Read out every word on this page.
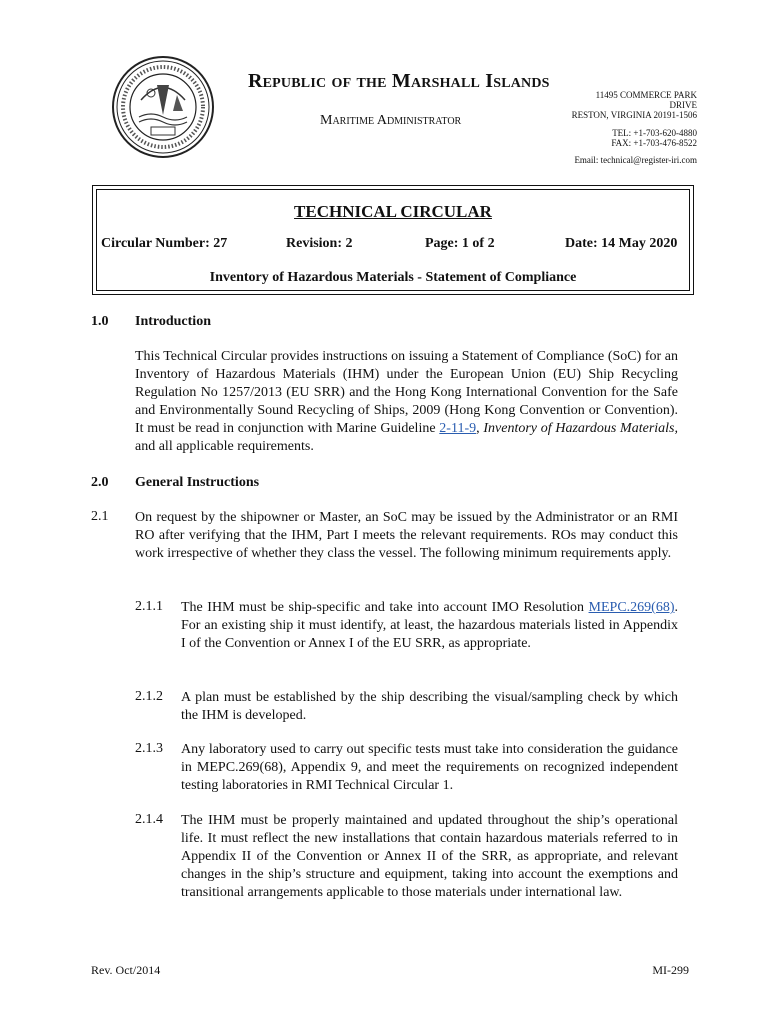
Republic of the Marshall Islands
Maritime Administrator
11495 COMMERCE PARK
DRIVE
RESTON, VIRGINIA 20191-1506
TEL: +1-703-620-4880
FAX: +1-703-476-8522
Email: technical@register-iri.com
TECHNICAL CIRCULAR
Circular Number: 27	Revision: 2	Page: 1 of 2	Date: 14 May 2020
Inventory of Hazardous Materials - Statement of Compliance
1.0 Introduction
This Technical Circular provides instructions on issuing a Statement of Compliance (SoC) for an Inventory of Hazardous Materials (IHM) under the European Union (EU) Ship Recycling Regulation No 1257/2013 (EU SRR) and the Hong Kong International Convention for the Safe and Environmentally Sound Recycling of Ships, 2009 (Hong Kong Convention or Convention). It must be read in conjunction with Marine Guideline 2-11-9, Inventory of Hazardous Materials, and all applicable requirements.
2.0 General Instructions
2.1 On request by the shipowner or Master, an SoC may be issued by the Administrator or an RMI RO after verifying that the IHM, Part I meets the relevant requirements. ROs may conduct this work irrespective of whether they class the vessel. The following minimum requirements apply.
2.1.1 The IHM must be ship-specific and take into account IMO Resolution MEPC.269(68). For an existing ship it must identify, at least, the hazardous materials listed in Appendix I of the Convention or Annex I of the EU SRR, as appropriate.
2.1.2 A plan must be established by the ship describing the visual/sampling check by which the IHM is developed.
2.1.3 Any laboratory used to carry out specific tests must take into consideration the guidance in MEPC.269(68), Appendix 9, and meet the requirements on recognized independent testing laboratories in RMI Technical Circular 1.
2.1.4 The IHM must be properly maintained and updated throughout the ship’s operational life. It must reflect the new installations that contain hazardous materials referred to in Appendix II of the Convention or Annex II of the SRR, as appropriate, and relevant changes in the ship’s structure and equipment, taking into account the exemptions and transitional arrangements applicable to those materials under international law.
Rev. Oct/2014	MI-299
